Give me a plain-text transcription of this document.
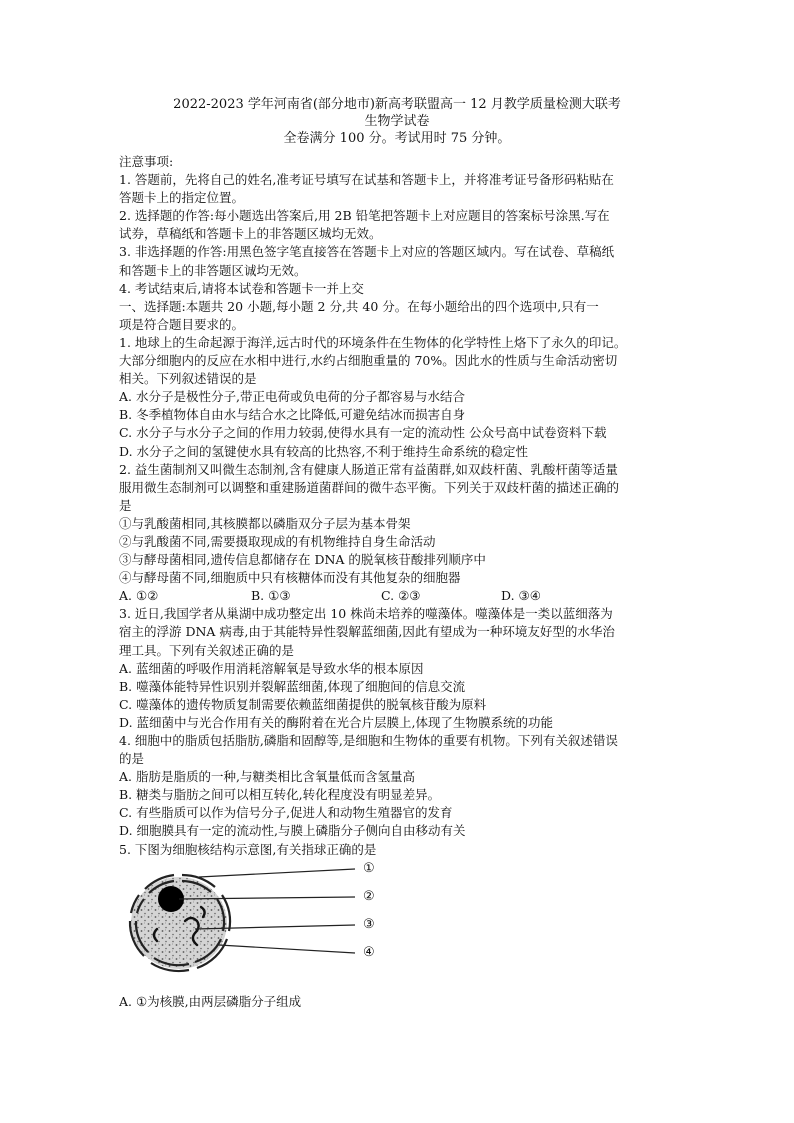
2022-2023 学年河南省(部分地市)新高考联盟高一 12 月教学质量检测大联考
生物学试卷
全卷满分 100 分。考试用时 75 分钟。
注意事项:
1. 答题前，先将自己的姓名,准考证号填写在试基和答题卡上，并将准考证号备形码粘贴在
答题卡上的指定位置。
2. 选择题的作答:每小题选出答案后,用 2B 铅笔把答题卡上对应题目的答案标号涂黑.写在
试券，草稿纸和答题卡上的非答题区城均无效。
3. 非选择题的作答:用黑色签字笔直接答在答题卡上对应的答题区域内。写在试卷、草稿纸
和答题卡上的非答题区诚均无效。
4. 考试结束后,请将本试卷和答题卡一并上交
一、选择题:本题共 20 小题,每小题 2 分,共 40 分。在每小题给出的四个选项中,只有一
项是符合题目要求的。
1. 地球上的生命起源于海洋,远古时代的环境条件在生物体的化学特性上烙下了永久的印记。
大部分细胞内的反应在水相中进行,水约占细胞重量的 70%。因此水的性质与生命活动密切
相关。下列叙述错误的是
A. 水分子是极性分子,带正电荷或负电荷的分子都容易与水结合
B. 冬季植物体自由水与结合水之比降低,可避免结冰而损害自身
C. 水分子与水分子之间的作用力较弱,使得水具有一定的流动性 公众号高中试卷资料下载
D. 水分子之间的氢键使水具有较高的比热容,不利于维持生命系统的稳定性
2. 益生菌制剂又叫微生态制剂,含有健康人肠道正常有益菌群,如双歧杆菌、乳酸杆菌等适量
服用微生态制剂可以调整和重建肠道菌群间的微牛态平衡。下列关于双歧杆菌的描述正确的
是
①与乳酸菌相同,其核膜都以磷脂双分子层为基本骨架
②与乳酸菌不同,需要摄取现成的有机物维持自身生命活动
③与酵母菌相同,遗传信息都储存在 DNA 的脱氧核苷酸排列顺序中
④与酵母菌不同,细胞质中只有核糖体而没有其他复杂的细胞器
A. ①②	B. ①③	C. ②③	D. ③④
3. 近日,我国学者从巢湖中成功整定出 10 株尚未培养的噬藻体。噬藻体是一类以蓝细落为
宿主的浮游 DNA 病毒,由于其能特异性裂解蓝细菌,因此有望成为一种环境友好型的水华治
理工具。下列有关叙述正确的是
A. 蓝细菌的呼吸作用消耗溶解氧是导致水华的根本原因
B. 噬藻体能特异性识别并裂解蓝细菌,体现了细胞间的信息交流
C. 噬藻体的遗传物质复制需要依赖蓝细菌提供的脱氧核苷酸为原料
D. 蓝细菌中与光合作用有关的酶附着在光合片层膜上,体现了生物膜系统的功能
4. 细胞中的脂质包括脂肪,磷脂和固醇等,是细胞和生物体的重要有机物。下列有关叙述错误
的是
A. 脂肪是脂质的一种,与糖类相比含氧量低而含氢量高
B. 糖类与脂肪之间可以相互转化,转化程度没有明显差异。
C. 有些脂质可以作为信号分子,促进人和动物生殖器官的发育
D. 细胞膜具有一定的流动性,与膜上磷脂分子侧向自由移动有关
5. 下图为细胞核结构示意图,有关指球正确的是
①
②
③
④
A. ①为核膜,由两层磷脂分子组成
